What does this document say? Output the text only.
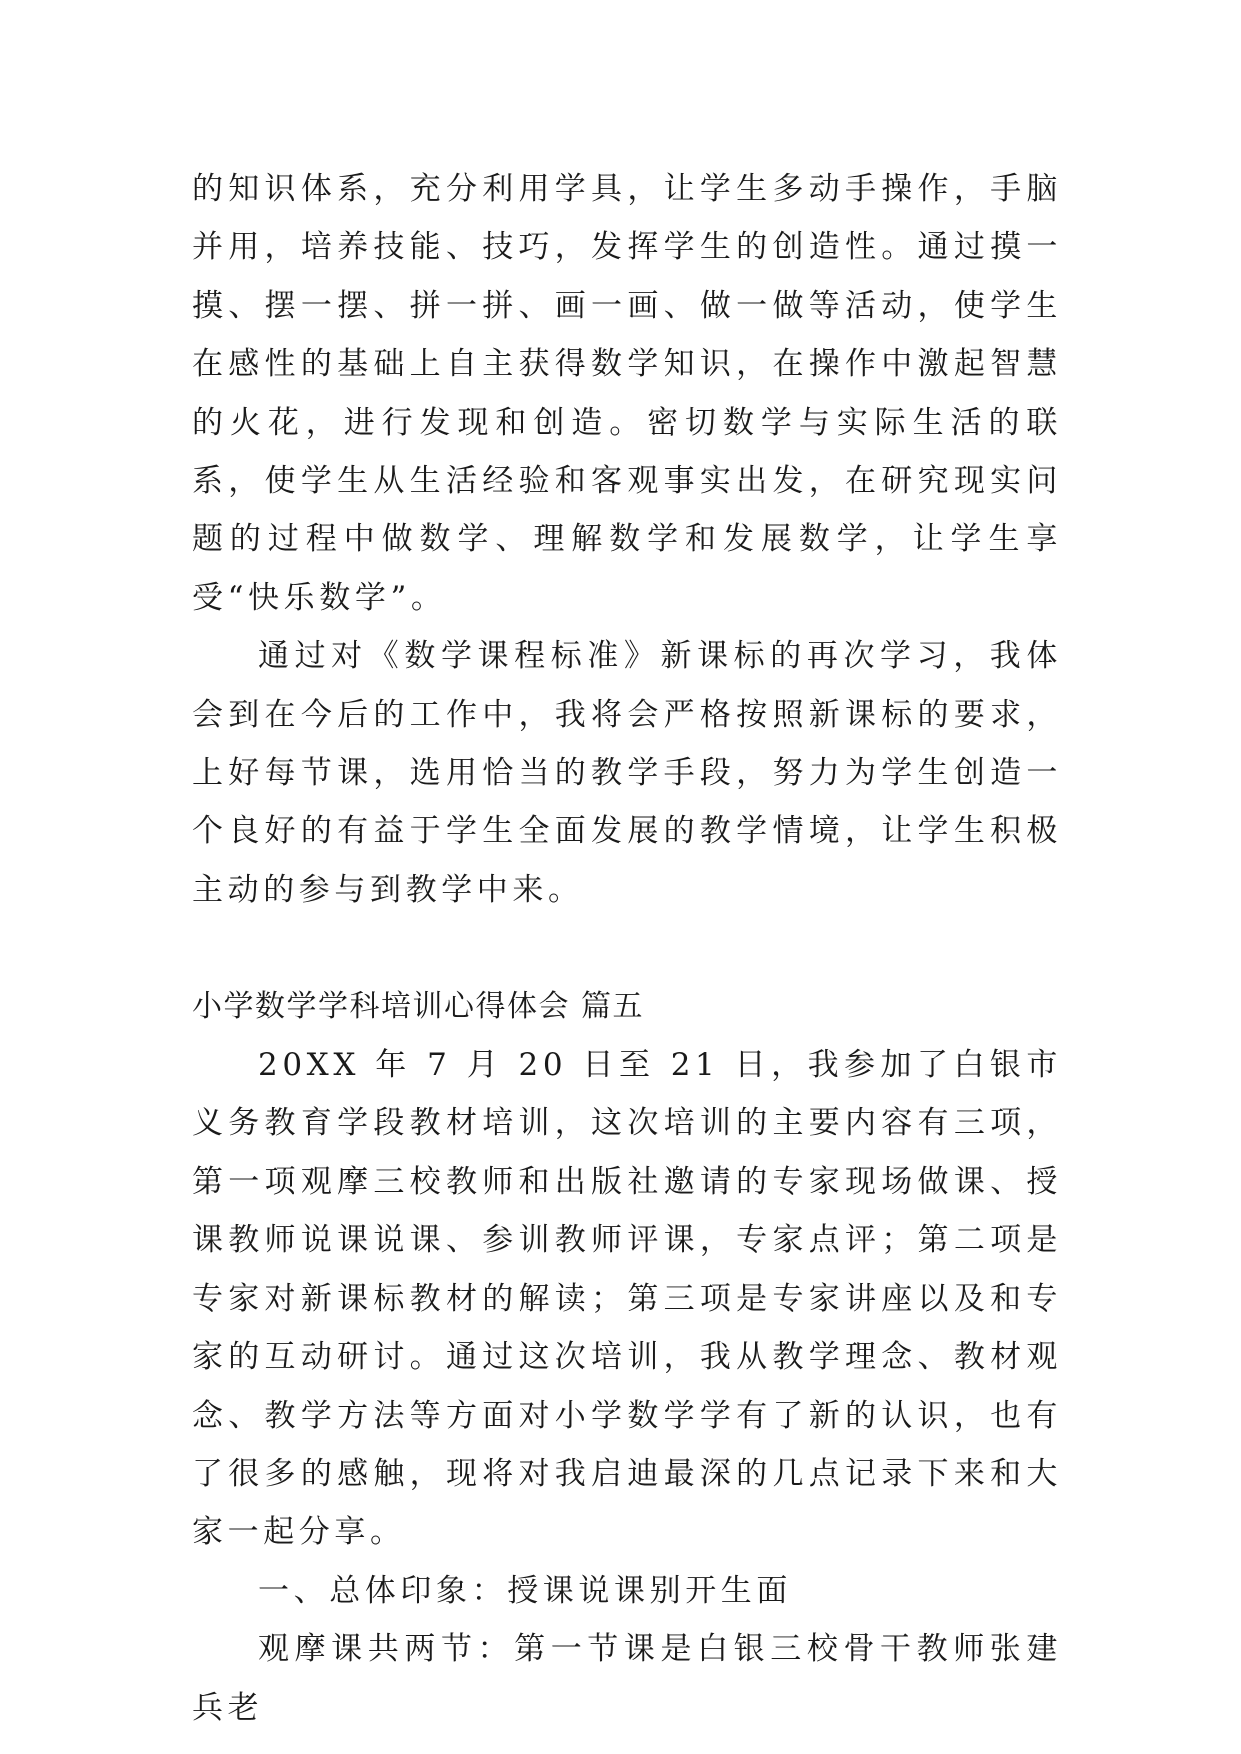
的知识体系，充分利用学具，让学生多动手操作，手脑并用，培养技能、技巧，发挥学生的创造性。通过摸一摸、摆一摆、拼一拼、画一画、做一做等活动，使学生在感性的基础上自主获得数学知识，在操作中激起智慧的火花，进行发现和创造。密切数学与实际生活的联系，使学生从生活经验和客观事实出发，在研究现实问题的过程中做数学、理解数学和发展数学，让学生享受“快乐数学”。

通过对《数学课程标准》新课标的再次学习，我体会到在今后的工作中，我将会严格按照新课标的要求，上好每节课，选用恰当的教学手段，努力为学生创造一个良好的有益于学生全面发展的教学情境，让学生积极主动的参与到教学中来。

小学数学学科培训心得体会 篇五

20XX 年 7 月 20 日至 21 日，我参加了白银市义务教育学段教材培训，这次培训的主要内容有三项，第一项观摩三校教师和出版社邀请的专家现场做课、授课教师说课说课、参训教师评课，专家点评；第二项是专家对新课标教材的解读；第三项是专家讲座以及和专家的互动研讨。通过这次培训，我从教学理念、教材观念、教学方法等方面对小学数学学有了新的认识，也有了很多的感触，现将对我启迪最深的几点记录下来和大家一起分享。

一、总体印象：授课说课别开生面

观摩课共两节：第一节课是白银三校骨干教师张建兵老
